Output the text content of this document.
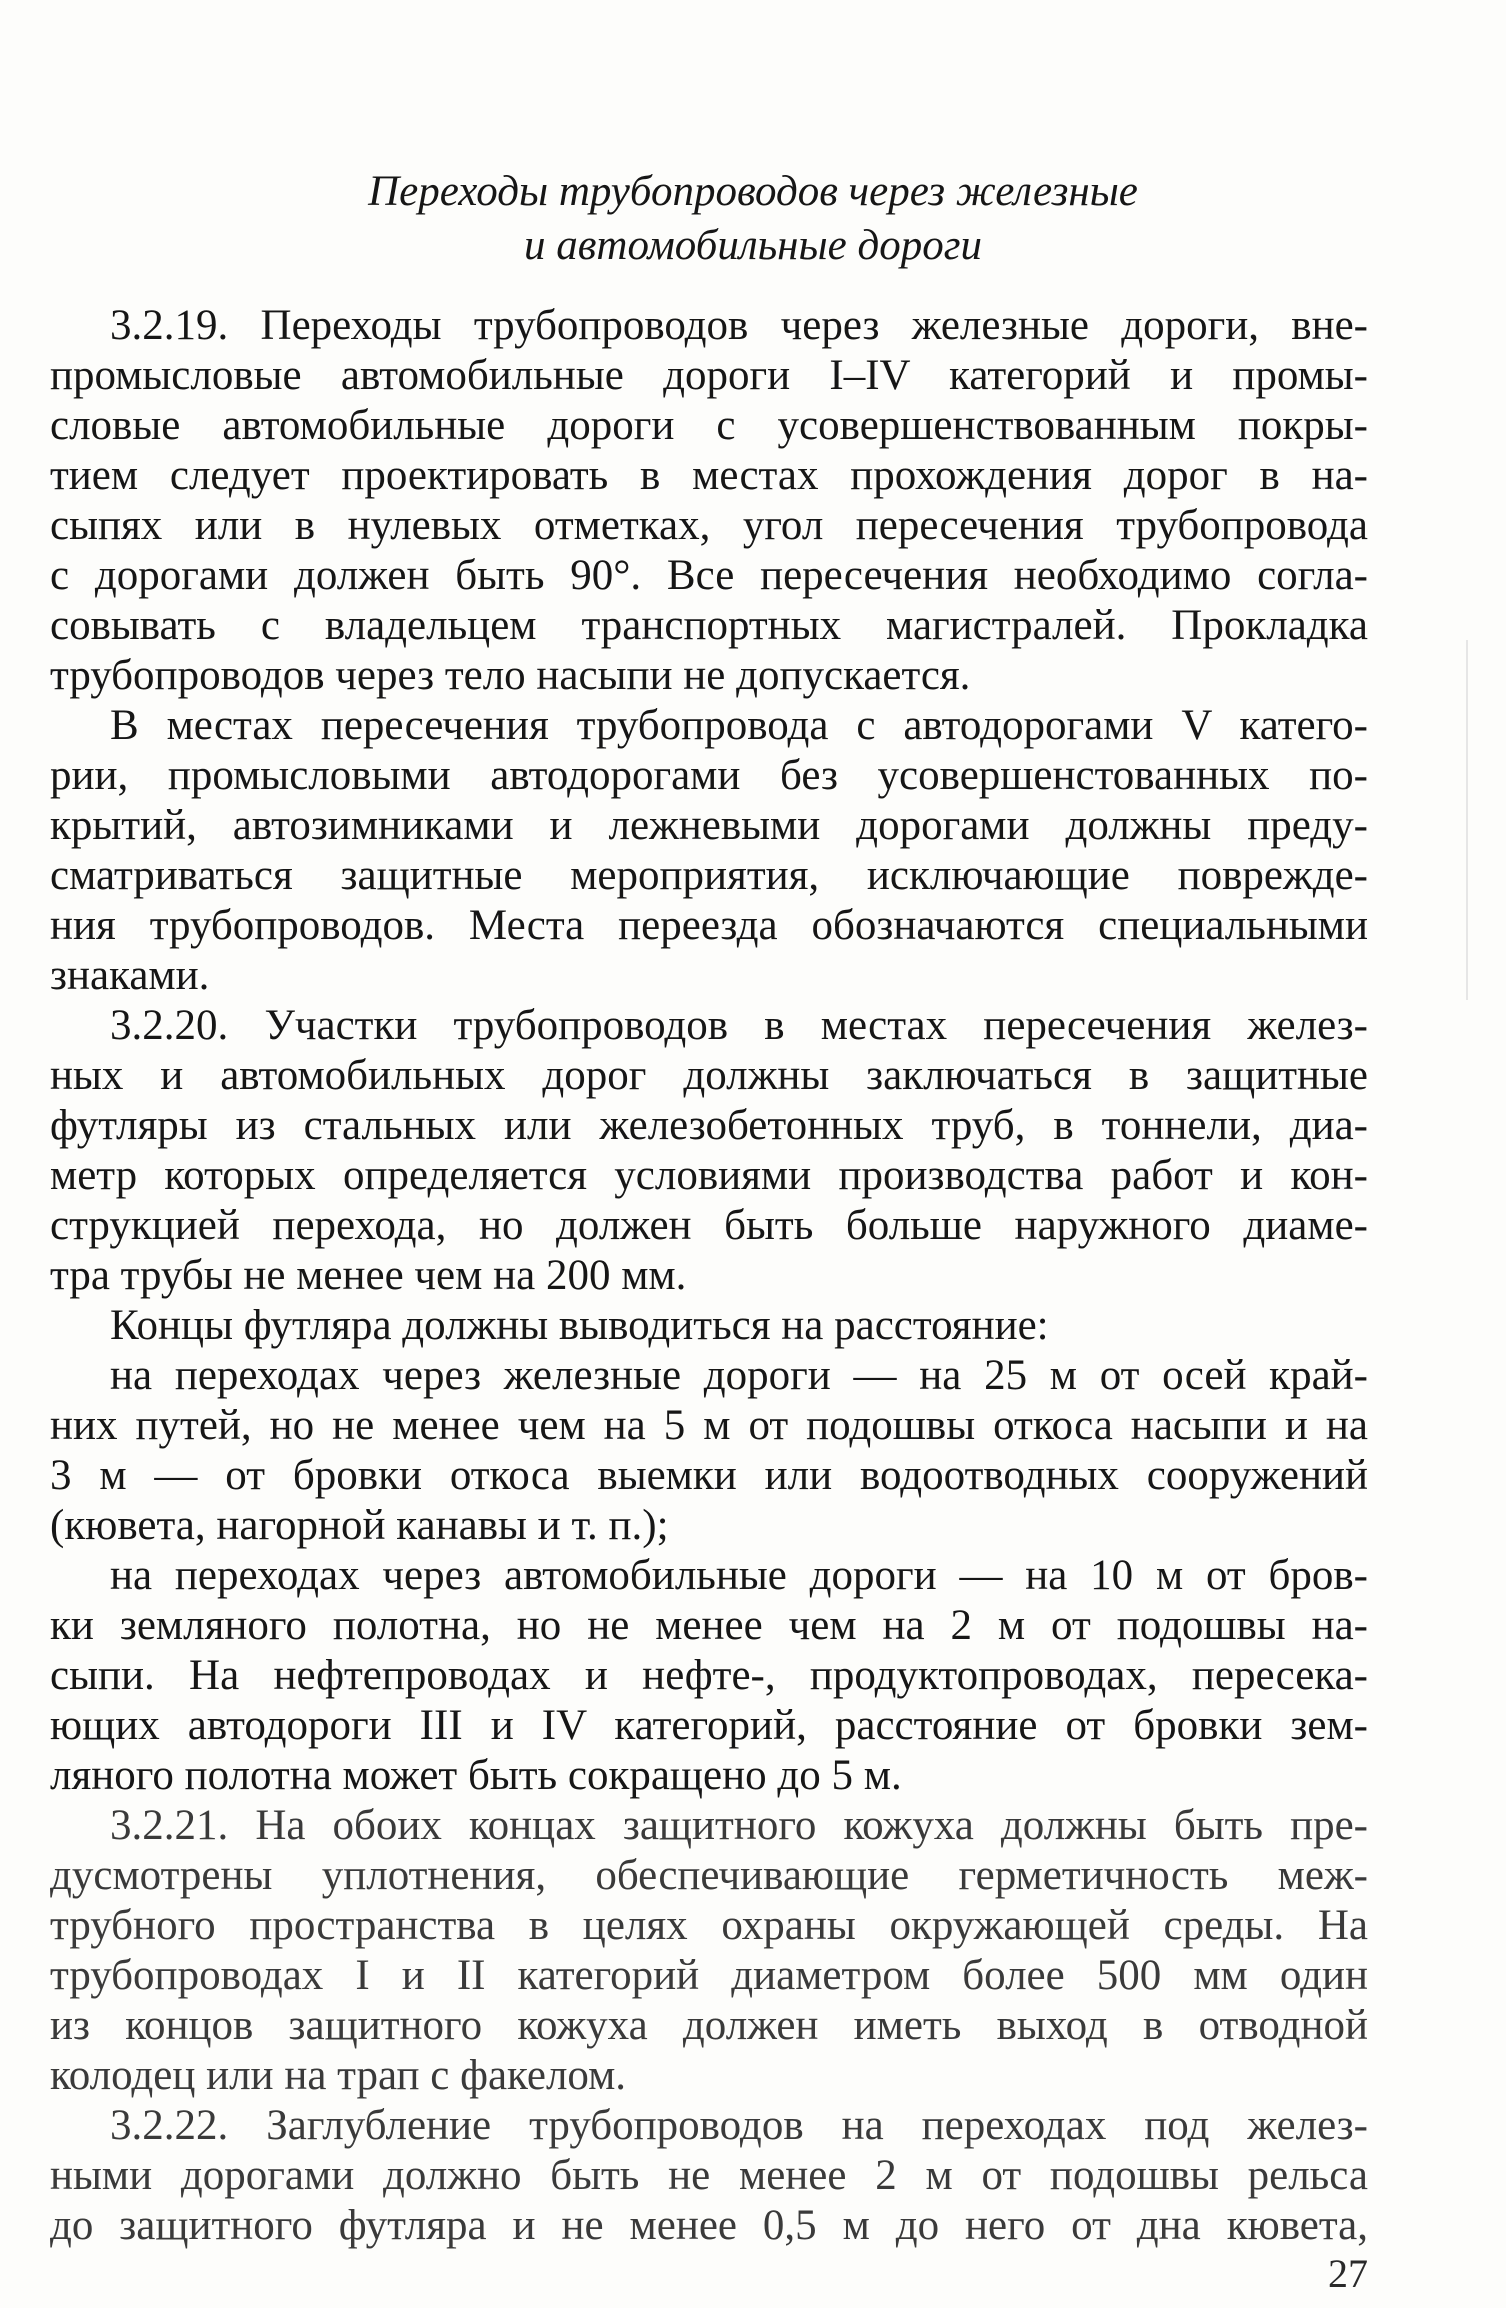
Переходы трубопроводов через железные
и автомобильные дороги
3.2.19. Переходы трубопроводов через железные дороги, вне-
промысловые автомобильные дороги I–IV категорий и промы-
словые автомобильные дороги с усовершенствованным покры-
тием следует проектировать в местах прохождения дорог в на-
сыпях или в нулевых отметках, угол пересечения трубопровода
с дорогами должен быть 90°. Все пересечения необходимо согла-
совывать с владельцем транспортных магистралей. Прокладка
трубопроводов через тело насыпи не допускается.
В местах пересечения трубопровода с автодорогами V катего-
рии, промысловыми автодорогами без усовершенстованных по-
крытий, автозимниками и лежневыми дорогами должны преду-
сматриваться защитные мероприятия, исключающие поврежде-
ния трубопроводов. Места переезда обозначаются специальными
знаками.
3.2.20. Участки трубопроводов в местах пересечения желез-
ных и автомобильных дорог должны заключаться в защитные
футляры из стальных или железобетонных труб, в тоннели, диа-
метр которых определяется условиями производства работ и кон-
струкцией перехода, но должен быть больше наружного диаме-
тра трубы не менее чем на 200 мм.
Концы футляра должны выводиться на расстояние:
на переходах через железные дороги — на 25 м от осей край-
них путей, но не менее чем на 5 м от подошвы откоса насыпи и на
3 м — от бровки откоса выемки или водоотводных сооружений
(кювета, нагорной канавы и т. п.);
на переходах через автомобильные дороги — на 10 м от бров-
ки земляного полотна, но не менее чем на 2 м от подошвы на-
сыпи. На нефтепроводах и нефте-, продуктопроводах, пересека-
ющих автодороги III и IV категорий, расстояние от бровки зем-
ляного полотна может быть сокращено до 5 м.
3.2.21. На обоих концах защитного кожуха должны быть пре-
дусмотрены уплотнения, обеспечивающие герметичность меж-
трубного пространства в целях охраны окружающей среды. На
трубопроводах I и II категорий диаметром более 500 мм один
из концов защитного кожуха должен иметь выход в отводной
колодец или на трап с факелом.
3.2.22. Заглубление трубопроводов на переходах под желез-
ными дорогами должно быть не менее 2 м от подошвы рельса
до защитного футляра и не менее 0,5 м до него от дна кювета,
27
